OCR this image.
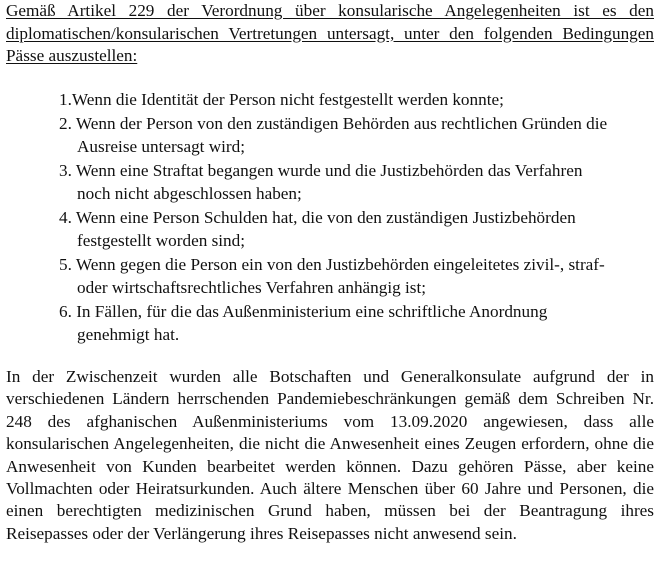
Gemäß Artikel 229 der Verordnung über konsularische Angelegenheiten ist es den diplomatischen/konsularischen Vertretungen untersagt, unter den folgenden Bedingungen Pässe auszustellen:

1.Wenn die Identität der Person nicht festgestellt werden konnte;
2. Wenn der Person von den zuständigen Behörden aus rechtlichen Gründen die
Ausreise untersagt wird;
3. Wenn eine Straftat begangen wurde und die Justizbehörden das Verfahren
noch nicht abgeschlossen haben;
4. Wenn eine Person Schulden hat, die von den zuständigen Justizbehörden
festgestellt worden sind;
5. Wenn gegen die Person ein von den Justizbehörden eingeleitetes zivil-, straf-
oder wirtschaftsrechtliches Verfahren anhängig ist;
6. In Fällen, für die das Außenministerium eine schriftliche Anordnung
genehmigt hat.

In der Zwischenzeit wurden alle Botschaften und Generalkonsulate aufgrund der in verschiedenen Ländern herrschenden Pandemiebeschränkungen gemäß dem Schreiben Nr. 248 des afghanischen Außenministeriums vom 13.09.2020 angewiesen, dass alle konsularischen Angelegenheiten, die nicht die Anwesenheit eines Zeugen erfordern, ohne die Anwesenheit von Kunden bearbeitet werden können. Dazu gehören Pässe, aber keine Vollmachten oder Heiratsurkunden. Auch ältere Menschen über 60 Jahre und Personen, die einen berechtigten medizinischen Grund haben, müssen bei der Beantragung ihres Reisepasses oder der Verlängerung ihres Reisepasses nicht anwesend sein.
